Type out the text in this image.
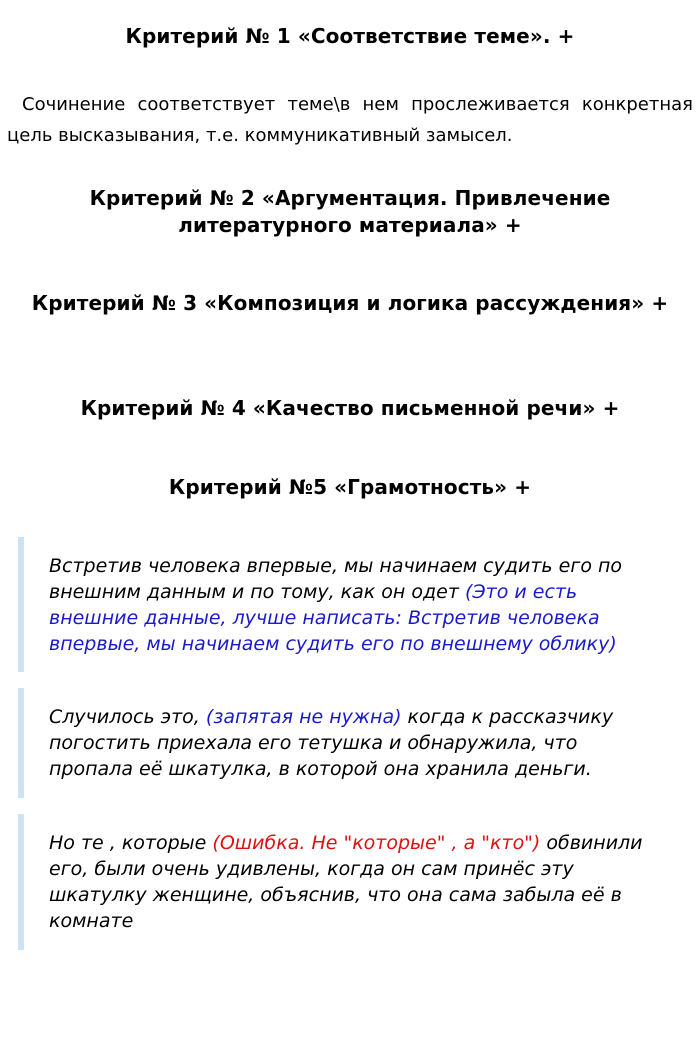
Критерий № 1 «Соответствие теме». +

Сочинение соответствует теме\в нем прослеживается конкретная цель высказывания, т.е. коммуникативный замысел.

Критерий № 2 «Аргументация. Привлечение литературного материала» +
Критерий № 3 «Композиция и логика рассуждения» +
Критерий № 4 «Качество письменной речи» +
Критерий №5 «Грамотность» +
Встретив человека впервые, мы начинаем судить его по внешним данным и по тому, как он одет (Это и есть внешние данные, лучше написать: Встретив человека впервые, мы начинаем судить его по внешнему облику)
Случилось это, (запятая не нужна) когда к рассказчику погостить приехала его тетушка и обнаружила, что пропала её шкатулка, в которой она хранила деньги.
Но те , которые (Ошибка. Не "которые" , а "кто") обвинили его, были очень удивлены, когда он сам принёс эту шкатулку женщине, объяснив, что она сама забыла её в комнате
